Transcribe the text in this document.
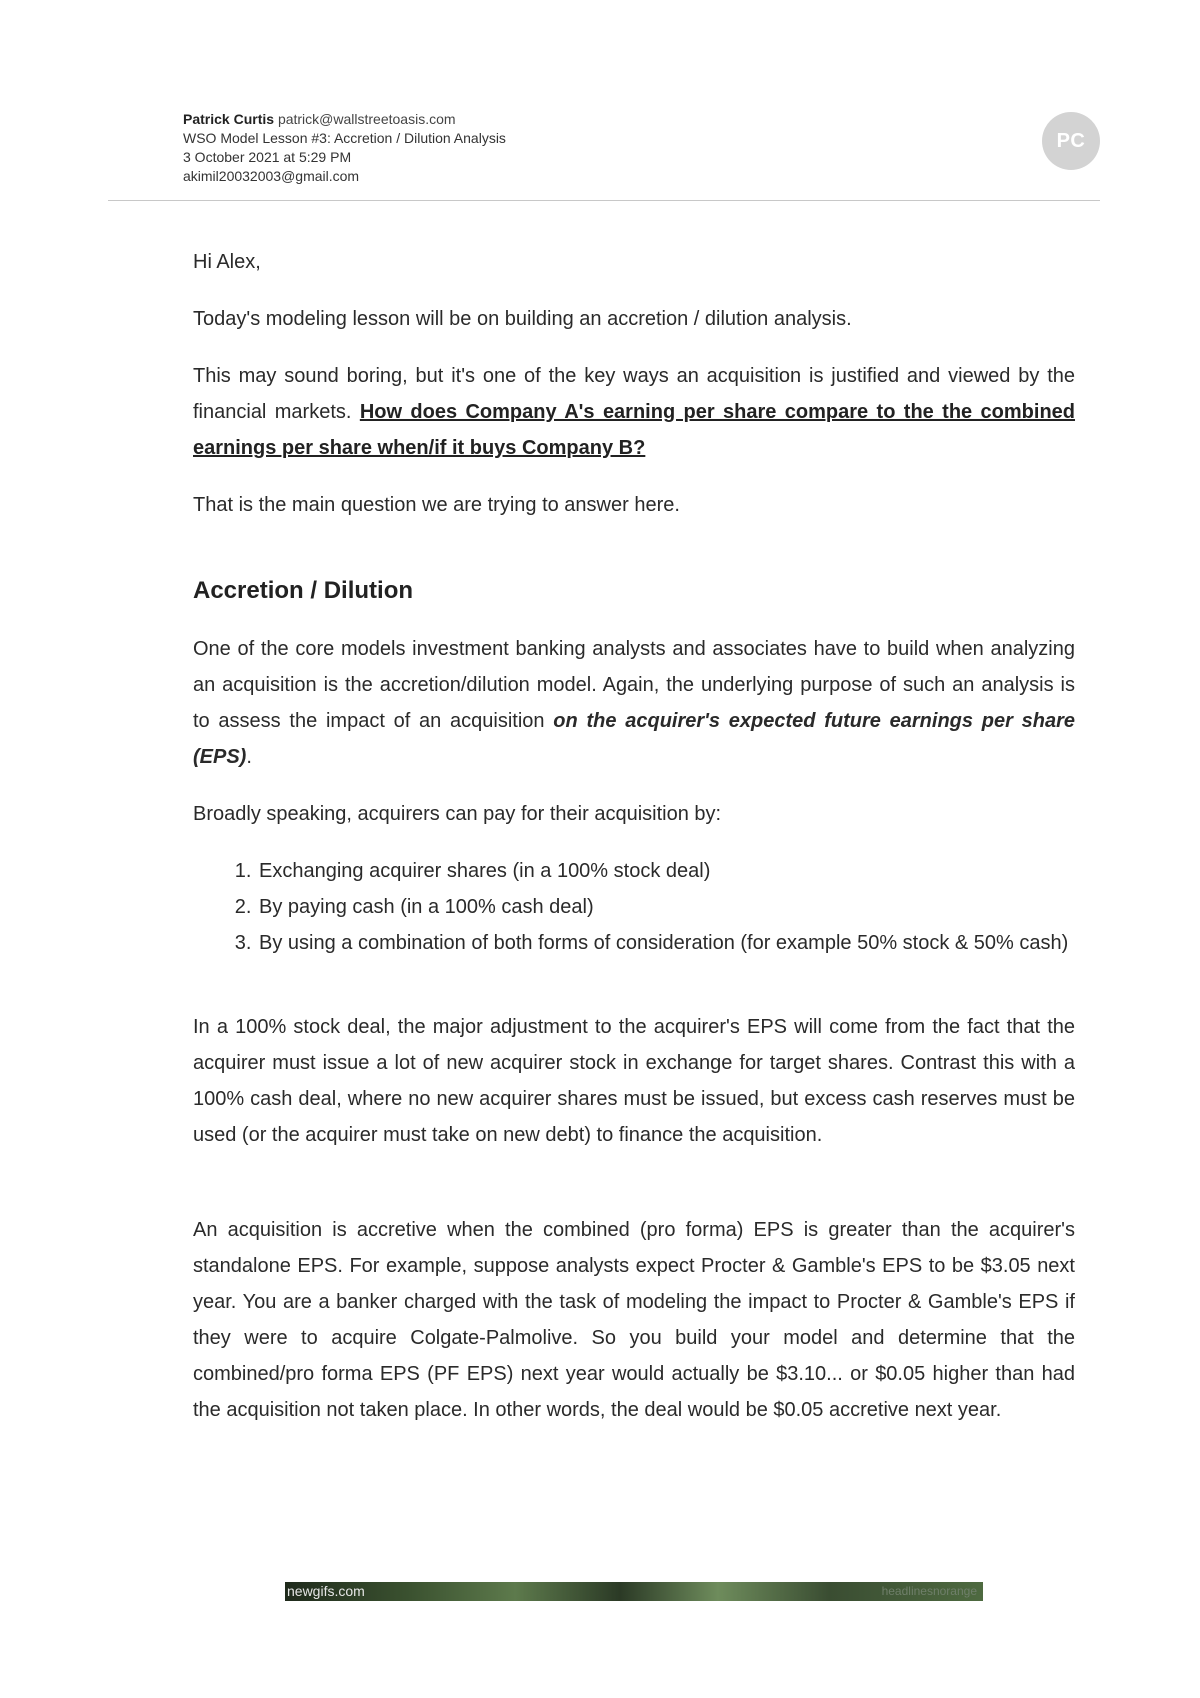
Patrick Curtis patrick@wallstreetoasis.com
WSO Model Lesson #3: Accretion / Dilution Analysis
3 October 2021 at 5:29 PM
akimil20032003@gmail.com
PC

Hi Alex,

Today's modeling lesson will be on building an accretion / dilution analysis.

This may sound boring, but it's one of the key ways an acquisition is justified and viewed by the financial markets. How does Company A's earning per share compare to the the combined earnings per share when/if it buys Company B?

That is the main question we are trying to answer here.

Accretion / Dilution

One of the core models investment banking analysts and associates have to build when analyzing an acquisition is the accretion/dilution model. Again, the underlying purpose of such an analysis is to assess the impact of an acquisition on the acquirer's expected future earnings per share (EPS).

Broadly speaking, acquirers can pay for their acquisition by:

1. Exchanging acquirer shares (in a 100% stock deal)
2. By paying cash (in a 100% cash deal)
3. By using a combination of both forms of consideration (for example 50% stock & 50% cash)

In a 100% stock deal, the major adjustment to the acquirer's EPS will come from the fact that the acquirer must issue a lot of new acquirer stock in exchange for target shares. Contrast this with a 100% cash deal, where no new acquirer shares must be issued, but excess cash reserves must be used (or the acquirer must take on new debt) to finance the acquisition.

An acquisition is accretive when the combined (pro forma) EPS is greater than the acquirer's standalone EPS. For example, suppose analysts expect Procter & Gamble's EPS to be $3.05 next year. You are a banker charged with the task of modeling the impact to Procter & Gamble's EPS if they were to acquire Colgate-Palmolive. So you build your model and determine that the combined/pro forma EPS (PF EPS) next year would actually be $3.10... or $0.05 higher than had the acquisition not taken place. In other words, the deal would be $0.05 accretive next year.

newgifs.com	headlinesnorange
